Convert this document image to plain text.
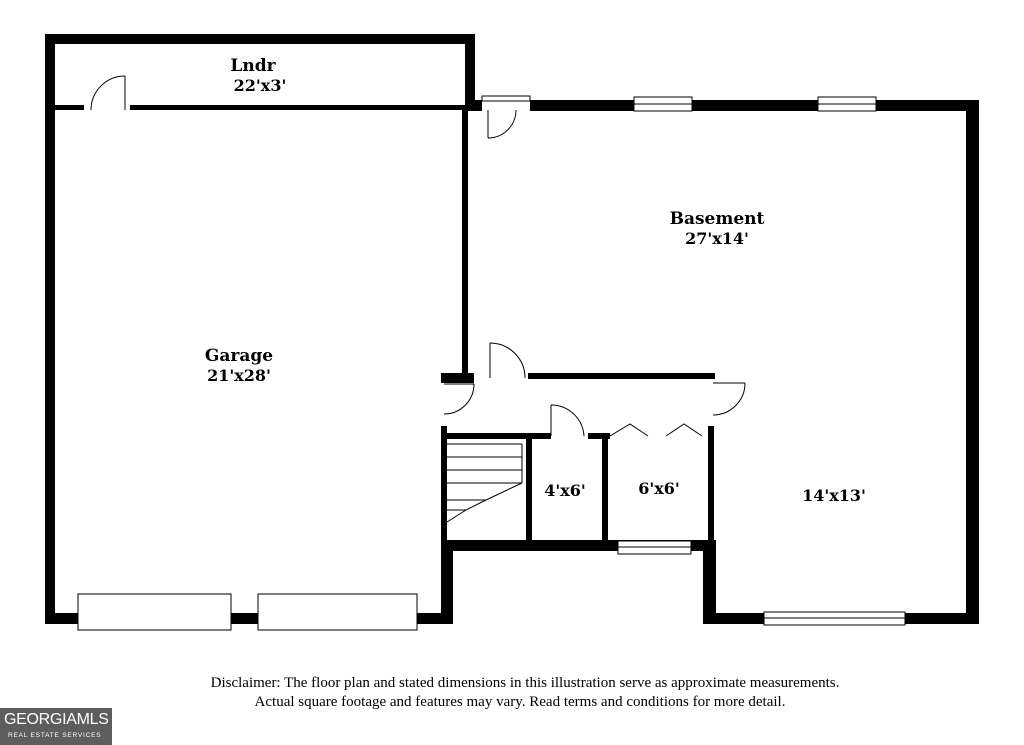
Lndr
22'x3'
Basement
27'x14'
Garage
21'x28'
4'x6'	6'x6'	14'x13'
Disclaimer: The floor plan and stated dimensions in this illustration serve as approximate measurements.
Actual square footage and features may vary. Read terms and conditions for more detail.
GEORGIAMLS
REAL ESTATE SERVICES
